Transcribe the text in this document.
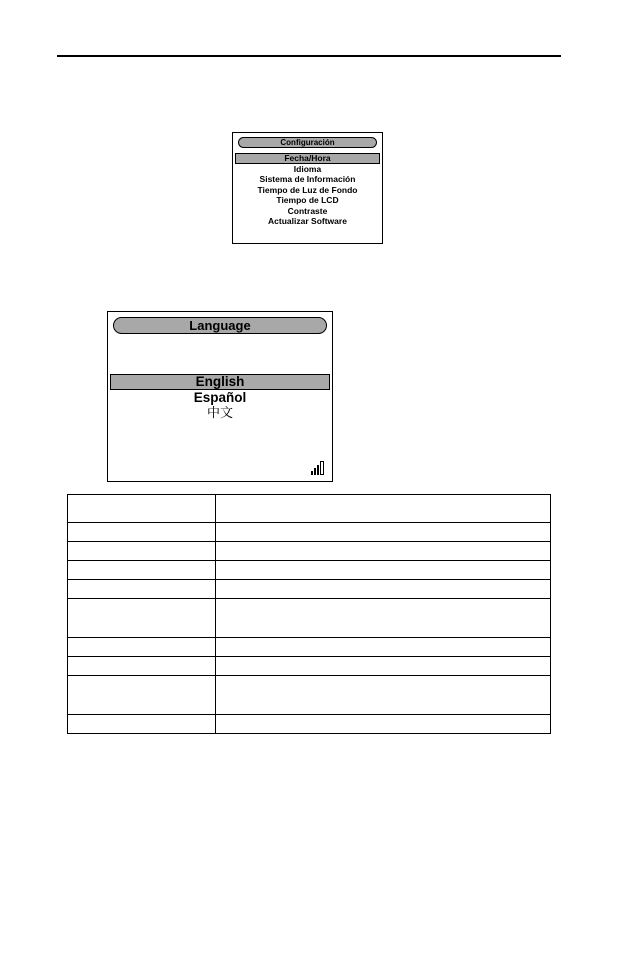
Configuración
Fecha/Hora
Idioma
Sistema de Información
Tiempo de Luz de Fondo
Tiempo de LCD
Contraste
Actualizar Software
Language
English
Español
中文
